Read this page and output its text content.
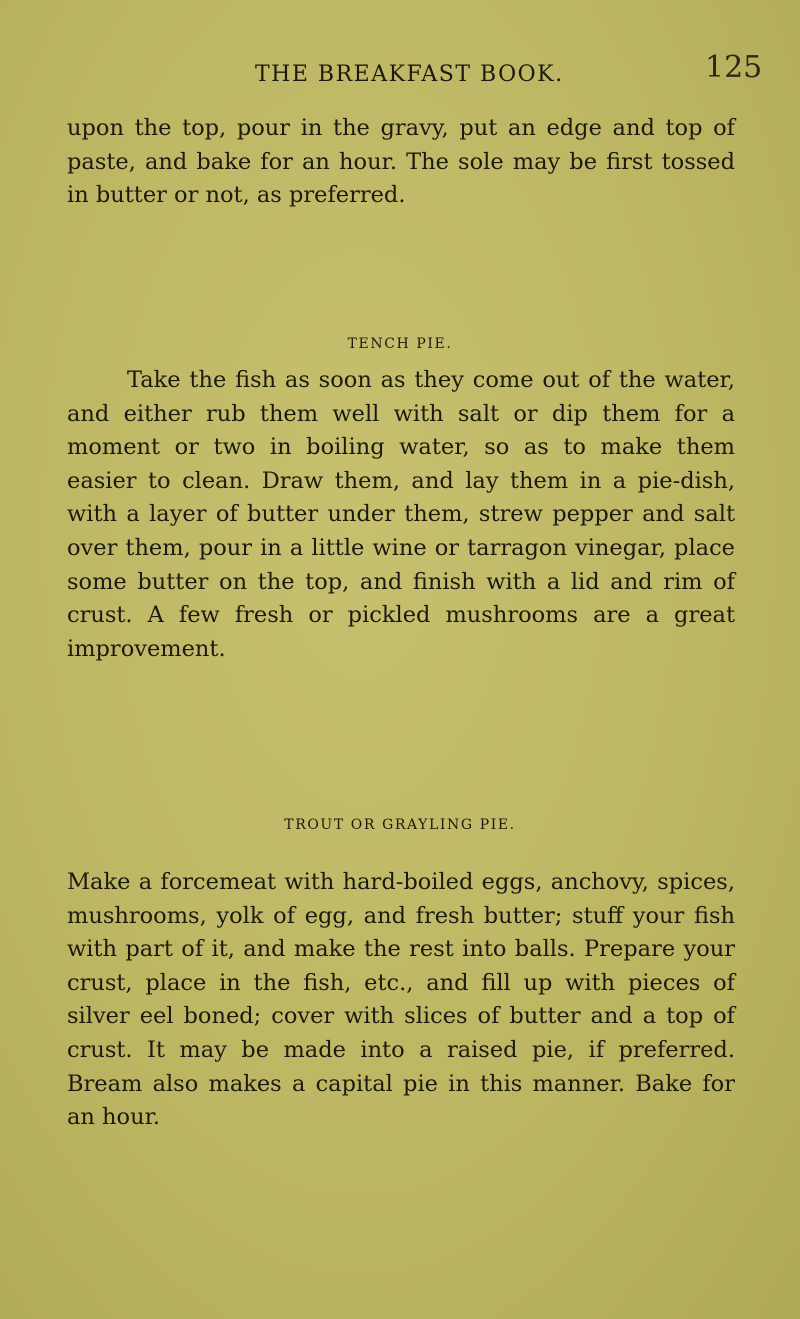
THE BREAKFAST BOOK.	125

upon the top, pour in the gravy, put an edge and top of paste, and bake for an hour. The sole may be first tossed in butter or not, as preferred.

TENCH PIE.

Take the fish as soon as they come out of the water, and either rub them well with salt or dip them for a moment or two in boiling water, so as to make them easier to clean. Draw them, and lay them in a pie-dish, with a layer of butter under them, strew pepper and salt over them, pour in a little wine or tarragon vinegar, place some butter on the top, and finish with a lid and rim of crust. A few fresh or pickled mushrooms are a great improvement.

TROUT OR GRAYLING PIE.

Make a forcemeat with hard-boiled eggs, anchovy, spices, mushrooms, yolk of egg, and fresh butter; stuff your fish with part of it, and make the rest into balls. Prepare your crust, place in the fish, etc., and fill up with pieces of silver eel boned; cover with slices of butter and a top of crust. It may be made into a raised pie, if preferred. Bream also makes a capital pie in this manner. Bake for an hour.
